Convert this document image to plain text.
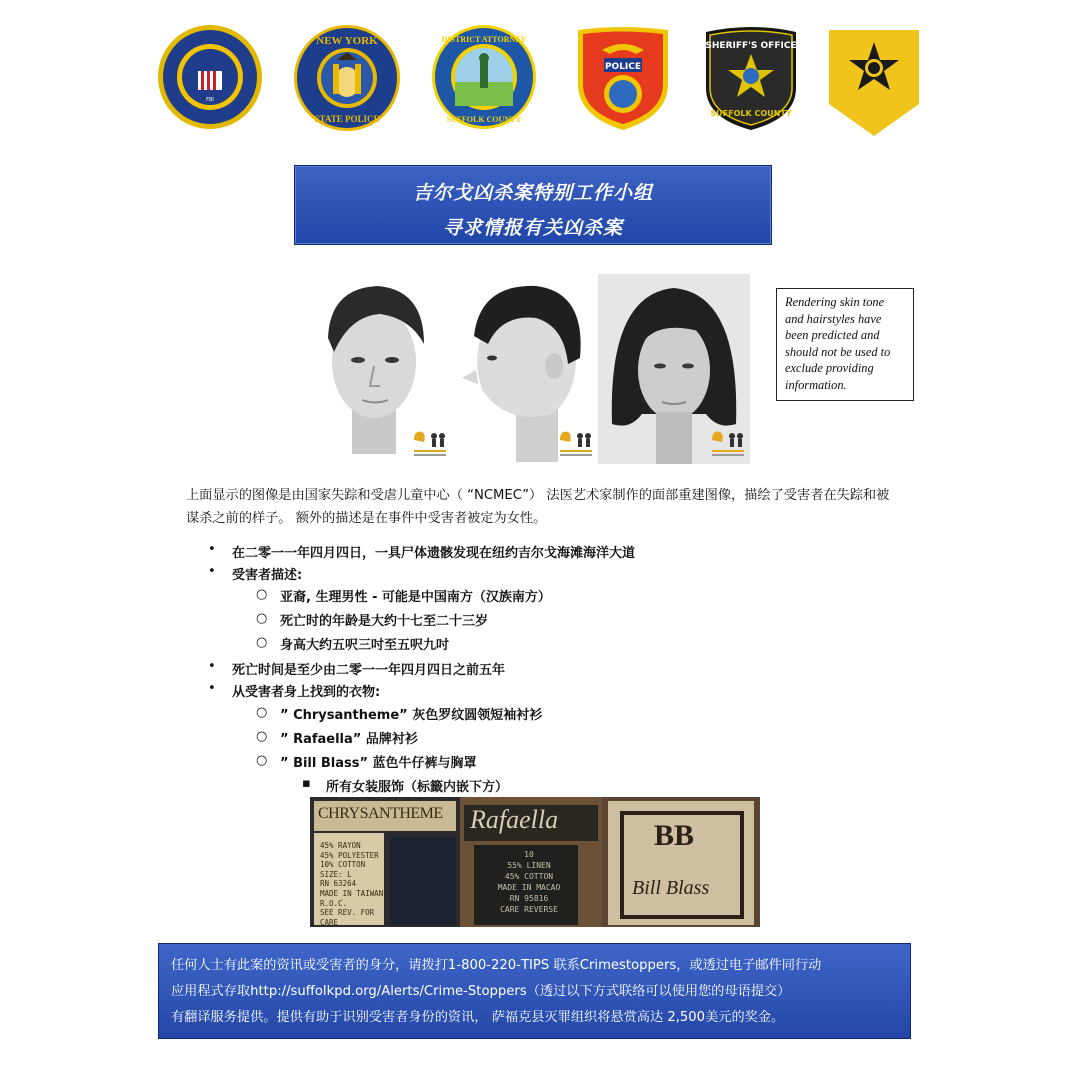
FBI
NEW YORK
STATE POLICE
DISTRICT ATTORNEY
SUFFOLK COUNTY
POLICE
SHERIFF'S OFFICE
SUFFOLK COUNTY
吉尔戈凶杀案特别工作小组
寻求情报有关凶杀案
Rendering skin tone and hairstyles have been predicted and should not be used to exclude providing information.
上面显示的图像是由国家失踪和受虐儿童中心（ “NCMEC”） 法医艺术家制作的面部重建图像，描绘了受害者在失踪和被谋杀之前的样子。 额外的描述是在事件中受害者被定为女性。
• 在二零一一年四月四日，一具尸体遗骸发现在纽约吉尔戈海滩海洋大道
• 受害者描述:
○ 亚裔, 生理男性 - 可能是中国南方（汉族南方）
○ 死亡时的年龄是大约十七至二十三岁
○ 身高大约五呎三吋至五呎九吋
• 死亡时间是至少由二零一一年四月四日之前五年
• 从受害者身上找到的衣物:
○ ” Chrysantheme” 灰色罗纹圆领短袖衬衫
○ ” Rafaella” 品牌衬衫
○ ” Bill Blass” 蓝色牛仔裤与胸罩
▪ 所有女装服饰（标籤内嵌下方）
CHRYSANTHEME
45% RAYON
45% POLYESTER
10% COTTON
SIZE: L
RN 63264
MADE IN TAIWAN
R.O.C.
SEE REV. FOR CARE
Rafaella
10
55% LINEN
45% COTTON
MADE IN MACAO
RN 95816
CARE REVERSE
BB
Bill Blass
任何人士有此案的资讯或受害者的身分，请拨打1-800-220-TIPS 联系Crimestoppers，或透过电子邮件同行动
应用程式存取http://suffolkpd.org/Alerts/Crime-Stoppers（透过以下方式联络可以使用您的母语提交）
有翻译服务提供。提供有助于识别受害者身份的资讯， 萨福克县灭罪组织将悬赏高达 2,500美元的奖金。
